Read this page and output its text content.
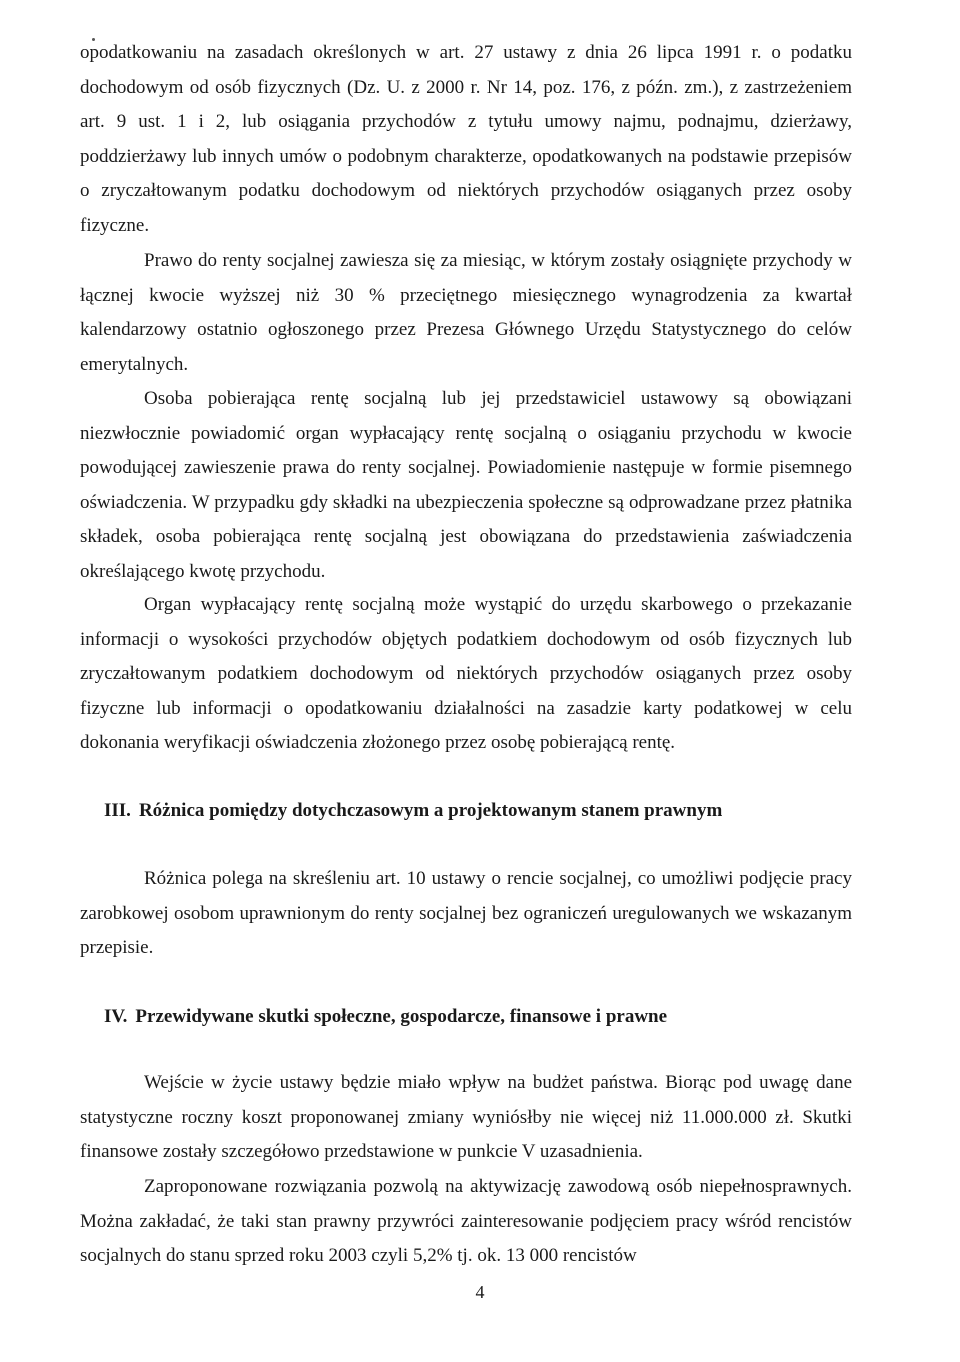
opodatkowaniu na zasadach określonych w art. 27 ustawy z dnia 26 lipca 1991 r. o podatku dochodowym od osób fizycznych (Dz. U. z 2000 r. Nr 14, poz. 176, z późn. zm.), z zastrzeżeniem art. 9 ust. 1 i 2, lub osiągania przychodów z tytułu umowy najmu, podnajmu, dzierżawy, poddzierżawy lub innych umów o podobnym charakterze, opodatkowanych na podstawie przepisów o zryczałtowanym podatku dochodowym od niektórych przychodów osiąganych przez osoby fizyczne.

Prawo do renty socjalnej zawiesza się za miesiąc, w którym zostały osiągnięte przychody w łącznej kwocie wyższej niż 30 % przeciętnego miesięcznego wynagrodzenia za kwartał kalendarzowy ostatnio ogłoszonego przez Prezesa Głównego Urzędu Statystycznego do celów emerytalnych.

Osoba pobierająca rentę socjalną lub jej przedstawiciel ustawowy są obowiązani niezwłocznie powiadomić organ wypłacający rentę socjalną o osiąganiu przychodu w kwocie powodującej zawieszenie prawa do renty socjalnej. Powiadomienie następuje w formie pisemnego oświadczenia. W przypadku gdy składki na ubezpieczenia społeczne są odprowadzane przez płatnika składek, osoba pobierająca rentę socjalną jest obowiązana do przedstawienia zaświadczenia określającego kwotę przychodu.

Organ wypłacający rentę socjalną może wystąpić do urzędu skarbowego o przekazanie informacji o wysokości przychodów objętych podatkiem dochodowym od osób fizycznych lub zryczałtowanym podatkiem dochodowym od niektórych przychodów osiąganych przez osoby fizyczne lub informacji o opodatkowaniu działalności na zasadzie karty podatkowej w celu dokonania weryfikacji oświadczenia złożonego przez osobę pobierającą rentę.

III. Różnica pomiędzy dotychczasowym a projektowanym stanem prawnym

Różnica polega na skreśleniu art. 10 ustawy o rencie socjalnej, co umożliwi podjęcie pracy zarobkowej osobom uprawnionym do renty socjalnej bez ograniczeń uregulowanych we wskazanym przepisie.

IV. Przewidywane skutki społeczne, gospodarcze, finansowe i prawne

Wejście w życie ustawy będzie miało wpływ na budżet państwa. Biorąc pod uwagę dane statystyczne roczny koszt proponowanej zmiany wyniósłby nie więcej niż 11.000.000 zł. Skutki finansowe zostały szczegółowo przedstawione w punkcie V uzasadnienia.

Zaproponowane rozwiązania pozwolą na aktywizację zawodową osób niepełnosprawnych. Można zakładać, że taki stan prawny przywróci zainteresowanie podjęciem pracy wśród rencistów socjalnych do stanu sprzed roku 2003 czyli 5,2% tj. ok. 13 000 rencistów

4
